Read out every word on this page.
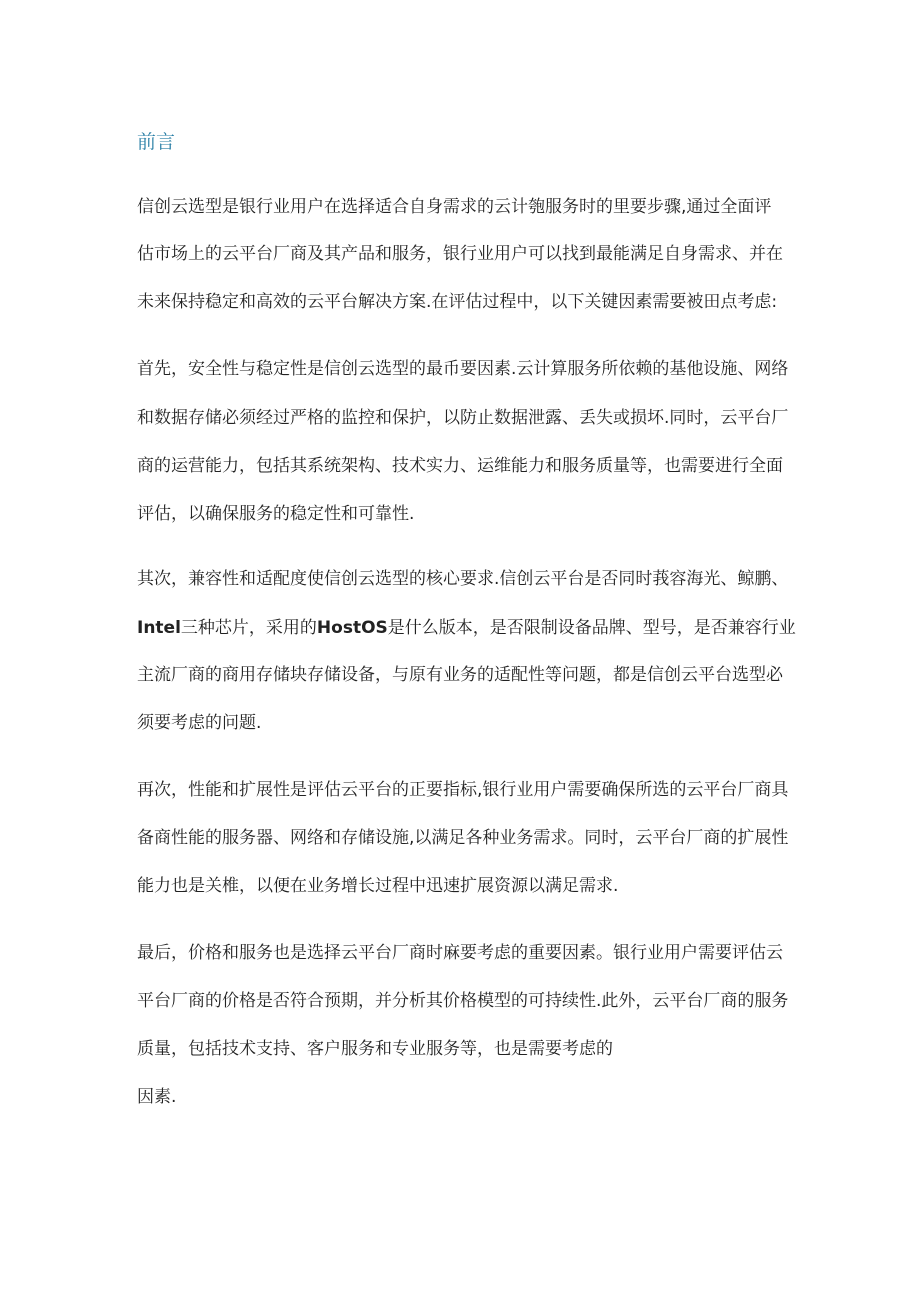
前言

信创云选型是银行业用户在选择适合自身需求的云计匏服务时的里要步骤,通过全面评

估市场上的云平台厂商及其产品和服务，银行业用户可以找到最能满足自身需求、并在

未来保持稳定和高效的云平台解决方案.在评估过程中，以下关键因素需要被田点考虑:

首先，安全性与稳定性是信创云选型的最币要因素.云计算服务所依赖的基他设施、网络

和数据存储必须经过严格的监控和保护，以防止数据泄露、丢失或损坏.同时，云平台厂

商的运营能力，包括其系统架构、技术实力、运维能力和服务质量等，也需要进行全面

评估，以确保服务的稳定性和可靠性.

其次，兼容性和适配度使信创云选型的核心要求.信创云平台是否同时莪容海光、鲸鹏、

Intel三种芯片，采用的HostOS是什么版本，是否限制设备品牌、型号，是否兼容行业

主流厂商的商用存储块存储设备，与原有业务的适配性等问题，都是信创云平台选型必

须要考虑的问题.

再次，性能和扩展性是评估云平台的正要指标,银行业用户需要确保所选的云平台厂商具

备商性能的服务器、网络和存储设施,以满足各种业务需求。同时，云平台厂商的扩展性

能力也是关椎，以便在业务增长过程中迅速扩展资源以满足需求.

最后，价格和服务也是选择云平台厂商时麻要考虑的重要因素。银行业用户需要评估云

平台厂商的价格是否符合预期，并分析其价格模型的可持续性.此外，云平台厂商的服务

质量，包括技术支持、客户服务和专业服务等，也是需要考虑的

因素.
